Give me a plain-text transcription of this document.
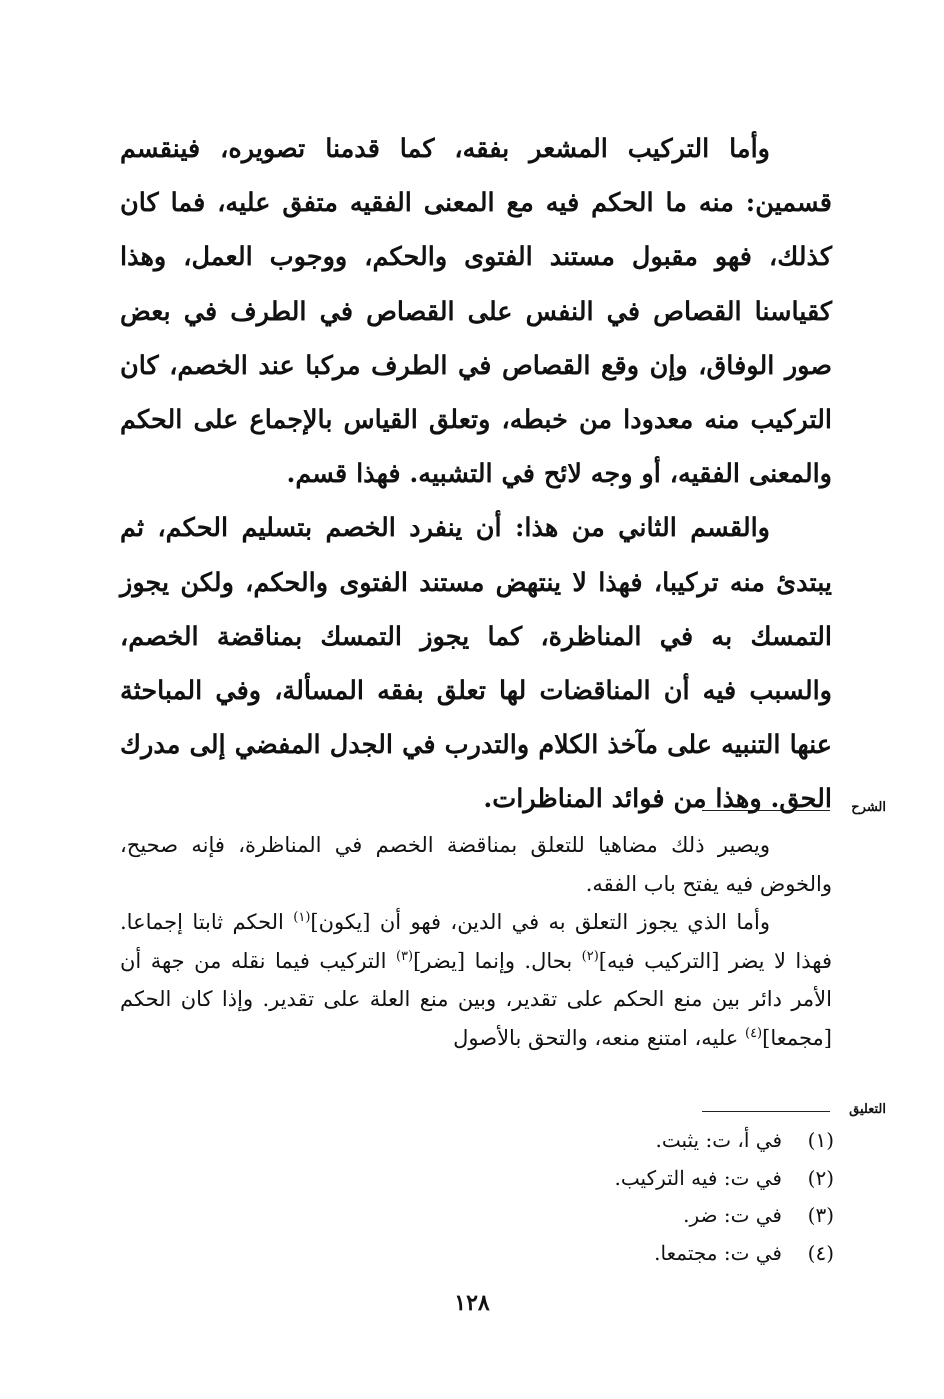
وأما التركيب المشعر بفقه، كما قدمنا تصويره، فينقسم قسمين: منه ما الحكم فيه مع المعنى الفقيه متفق عليه، فما كان كذلك، فهو مقبول مستند الفتوى والحكم، ووجوب العمل، وهذا كقياسنا القصاص في النفس على القصاص في الطرف في بعض صور الوفاق، وإن وقع القصاص في الطرف مركبا عند الخصم، كان التركيب منه معدودا من خبطه، وتعلق القياس بالإجماع على الحكم والمعنى الفقيه، أو وجه لائح في التشبيه. فهذا قسم.

والقسم الثاني من هذا: أن ينفرد الخصم بتسليم الحكم، ثم يبتدئ منه تركيبا، فهذا لا ينتهض مستند الفتوى والحكم، ولكن يجوز التمسك به في المناظرة، كما يجوز التمسك بمناقضة الخصم، والسبب فيه أن المناقضات لها تعلق بفقه المسألة، وفي المباحثة عنها التنبيه على مآخذ الكلام والتدرب في الجدل المفضي إلى مدرك الحق. وهذا من فوائد المناظرات. الشرح

ويصير ذلك مضاهيا للتعلق بمناقضة الخصم في المناظرة، فإنه صحيح، والخوض فيه يفتح باب الفقه.

وأما الذي يجوز التعلق به في الدين، فهو أن [يكون]$^{(١)}$ الحكم ثابتا إجماعا. فهذا لا يضر [التركيب فيه]$^{(٢)}$ بحال. وإنما [يضر]$^{(٣)}$ التركيب فيما نقله من جهة أن الأمر دائر بين منع الحكم على تقدير، وبين منع العلة على تقدير. وإذا كان الحكم [مجمعا]$^{(٤)}$ عليه، امتنع منعه، والتحق بالأصول

التعليق
(١)
في أ، ت: يثبت.
(٢)
في ت: فيه التركيب.
(٣)
في ت: ضر.
(٤)
في ت: مجتمعا.
١٢٨
